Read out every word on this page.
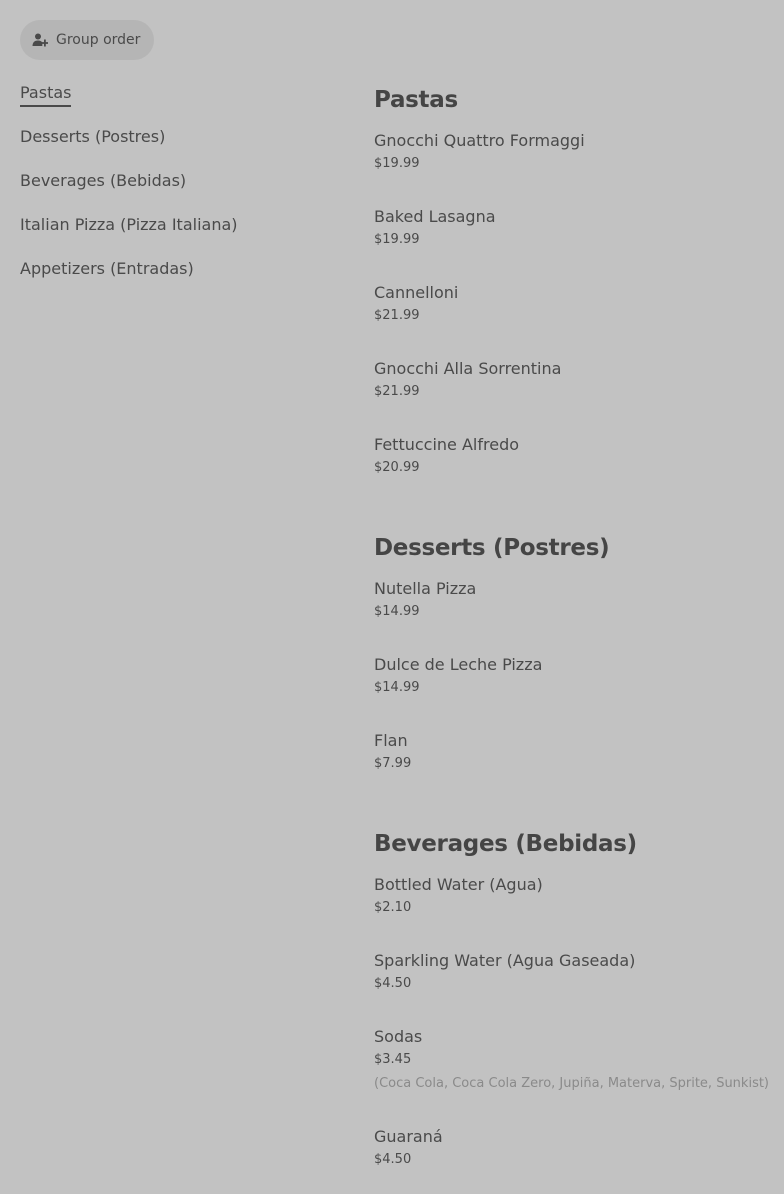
Group order
Pastas
Desserts (Postres)
Beverages (Bebidas)
Italian Pizza (Pizza Italiana)
Appetizers (Entradas)
Pastas
Gnocchi Quattro Formaggi
$19.99
Baked Lasagna
$19.99
Cannelloni
$21.99
Gnocchi Alla Sorrentina
$21.99
Fettuccine Alfredo
$20.99
Desserts (Postres)
Nutella Pizza
$14.99
Dulce de Leche Pizza
$14.99
Flan
$7.99
Beverages (Bebidas)
Bottled Water (Agua)
$2.10
Sparkling Water (Agua Gaseada)
$4.50
Sodas
$3.45
(Coca Cola, Coca Cola Zero, Jupiña, Materva, Sprite, Sunkist)
Guaraná
$4.50
